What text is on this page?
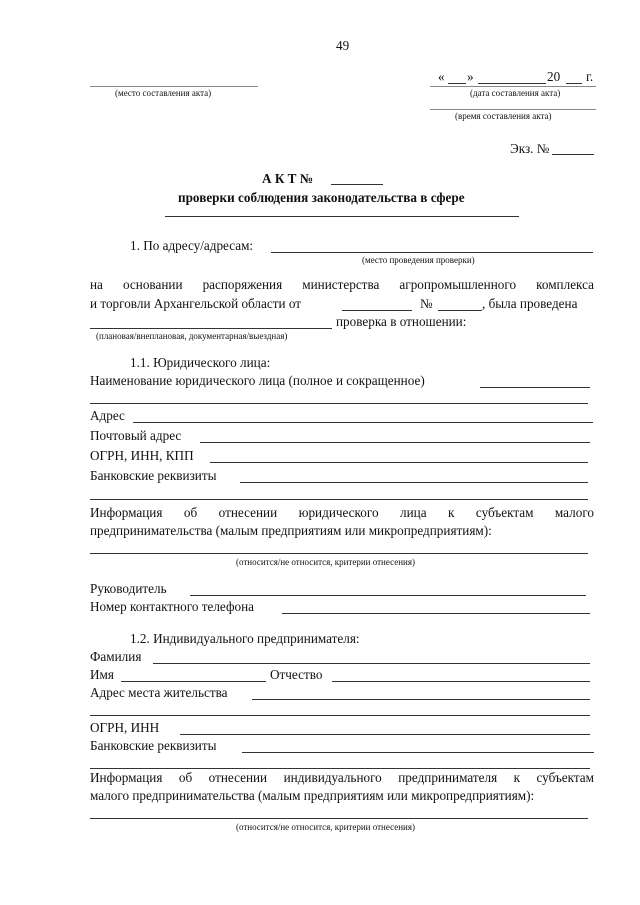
49
(место составления акта)
« »	20 г.
(дата составления акта)
(время составления акта)
Экз. №
А К Т №
проверки соблюдения законодательства в сфере
1. По адресу/адресам:
(место проведения проверки)
на основании распоряжения министерства агропромышленного комплекса
и торговли Архангельской области от	№	, была проведена
проверка в отношении:
(плановая/внеплановая, документарная/выездная)
1.1. Юридического лица:
Наименование юридического лица (полное и сокращенное)
Адрес
Почтовый адрес
ОГРН, ИНН, КПП
Банковские реквизиты
Информация об отнесении юридического лица к субъектам малого
предпринимательства (малым предприятиям или микропредприятиям):
(относится/не относится, критерии отнесения)
Руководитель
Номер контактного телефона
1.2. Индивидуального предпринимателя:
Фамилия
Имя	Отчество
Адрес места жительства
ОГРН, ИНН
Банковские реквизиты
Информация об отнесении индивидуального предпринимателя к субъектам
малого предпринимательства (малым предприятиям или микропредприятиям):
(относится/не относится, критерии отнесения)
